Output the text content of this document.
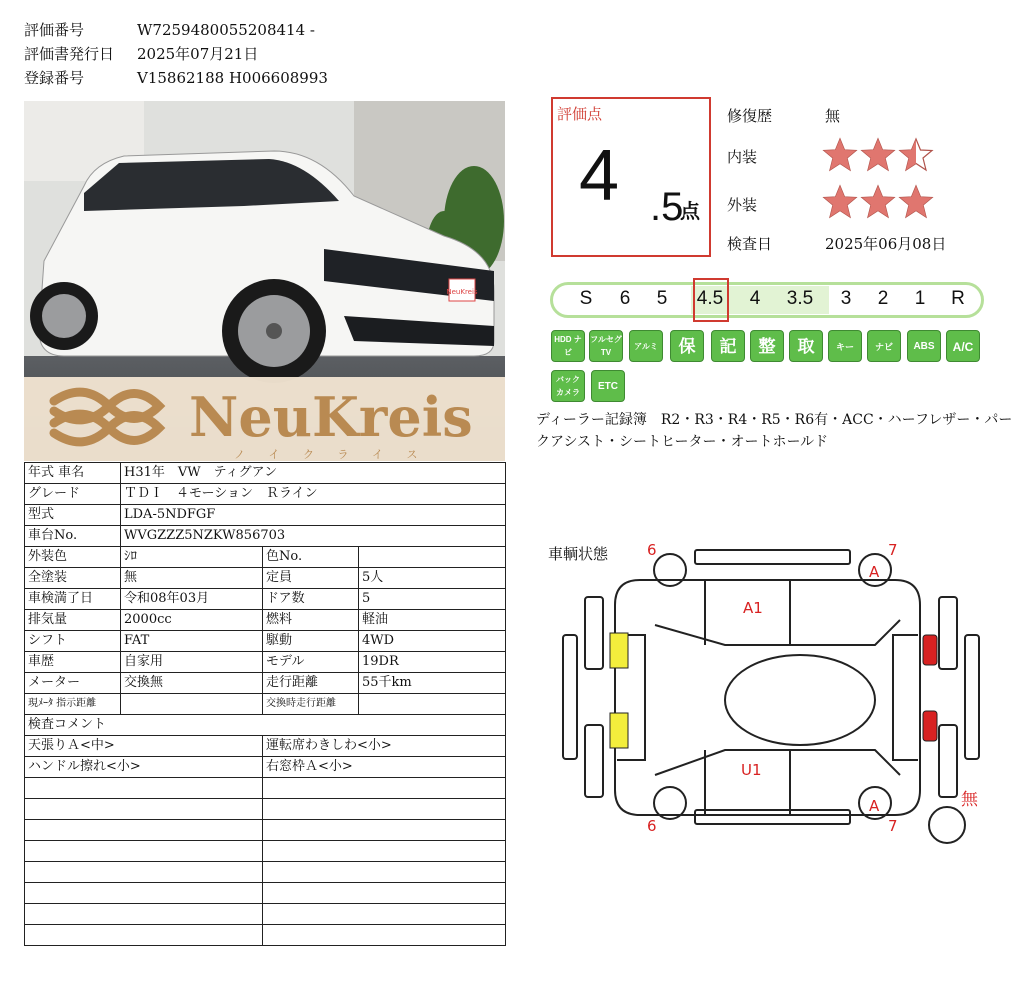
評価番号	W7259480055208414 -
評価書発行日 2025年07月21日
登録番号	V15862188 H006608993
NeuKreis
NeuKreis
ノ イ ク ラ イ ス
年式 車名	H31年　VW　ティグアン		
グレード	ＴＤＩ　４モーション　Ｒライン		
型式	LDA-5NDFGF		
車台No.	WVGZZZ5NZKW856703		
外装色	ｼﾛ	色No.	
全塗装	無	定員	5人
車検満了日	令和08年03月	ドア数	5
排気量	2000cc	燃料	軽油
シフト	FAT	駆動	4WD
車歴	自家用	モデル	19DR
メーター	交換無	走行距離	55千km
現ﾒｰﾀ 指示距離		交換時走行距離	
検査コメント			
天張りＡ<中>		運転席わきしわ<小>	
ハンドル擦れ<小>		右窓枠Ａ<小>	

評価点
4 .5
点
修復歴	無
内装
外装
検査日	2025年06月08日
S	6	5	4.5	4	3.5	3	2	1	R
HDD ナビ
フルセグ TV
アルミ	保	記	整	取	キー	ナビ	ABS	A/C
バック カメラ
ETC
ディーラー記録簿　R2・R3・R4・R5・R6有・ACC・ハーフレザー・パークアシスト・シートヒーター・オートホールド
車輌状態	6	7
A
A1
U1
6
A
7
無
